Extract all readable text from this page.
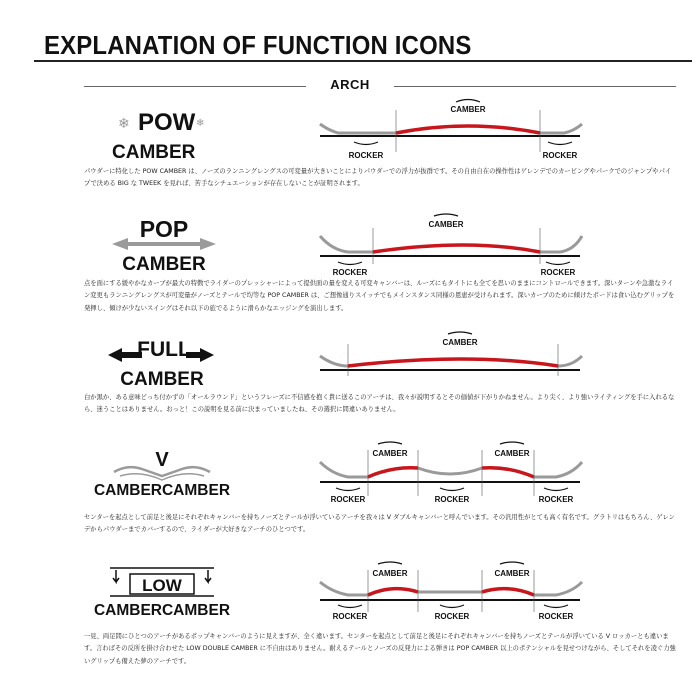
EXPLANATION OF FUNCTION ICONS
ARCH
❄ POW ❄
CAMBER
CAMBER
ROCKER	ROCKER

パウダーに特化した POW CAMBER は、ノーズのランニングレングスの可変量が大きいことによりパウダーでの浮力が抜群です。その自由自在の操作性はゲレンデでのカービングやパークでのジャンプやパイプで決める BIG な TWEEK を見れば、苦手なシチュエーションが存在しないことが証明されます。

POP
CAMBER
CAMBER
ROCKER	ROCKER

点を面にする緩やかなカーブが最大の特徴でライダーのプレッシャーによって提供面の量を変える可変キャンバーは、ルーズにもタイトにも全てを思いのままにコントロールできます。深いターンや急激なライン変更もランニングレングスが可変量がノーズとテールで均等な POP CAMBER は、ご想像通りスイッチでもメインスタンス同様の恩恵が受けられます。深いカーブのために傾けたボードは食い込むグリップを発揮し、傾けが少ないスイングはそれ以下の旅でるように滑らかなエッジングを演出します。

FULL
CAMBER
CAMBER

白か黒か、ある意味どっち付かずの「オールラウンド」というフレーズに不信感を抱く貴に送るこのアーチは、我々が説明するとその価値が下がりかねません。より尖く、より強いライティングを手に入れるなら、迷うことはありません。おっと！この説明を見る前に決まっていましたね、その選択に間違いありません。

V
CAMBERCAMBER
CAMBER	CAMBER
ROCKER	ROCKER	ROCKER

センターを起点として前足と後足にそれぞれキャンバーを持ちノーズとテールが浮いているアーチを我々は V ダブルキャンバーと呼んでいます。その汎用性がとても高く有名です。グラトリはもちろん、ゲレンデからパウダーまでカバーするので、ライダーが大好きなアーチのひとつです。

LOW
CAMBERCAMBER
CAMBER	CAMBER
ROCKER	ROCKER	ROCKER

一見、両足間にひとつのアーチがあるポップキャンバーのように見えますが、全く違います。センターを起点として前足と後足にそれぞれキャンバーを持ちノーズとテールが浮いている V ロッカーとも違います。言わばその反所を掛け合わせた LOW DOUBLE CAMBER に不自由はありません。耐えるテールとノーズの反発力による弾きは POP CAMBER 以上のポテンシャルを見せつけながら、そしてそれを凌ぐ力強いグリップも備えた夢のアーチです。
